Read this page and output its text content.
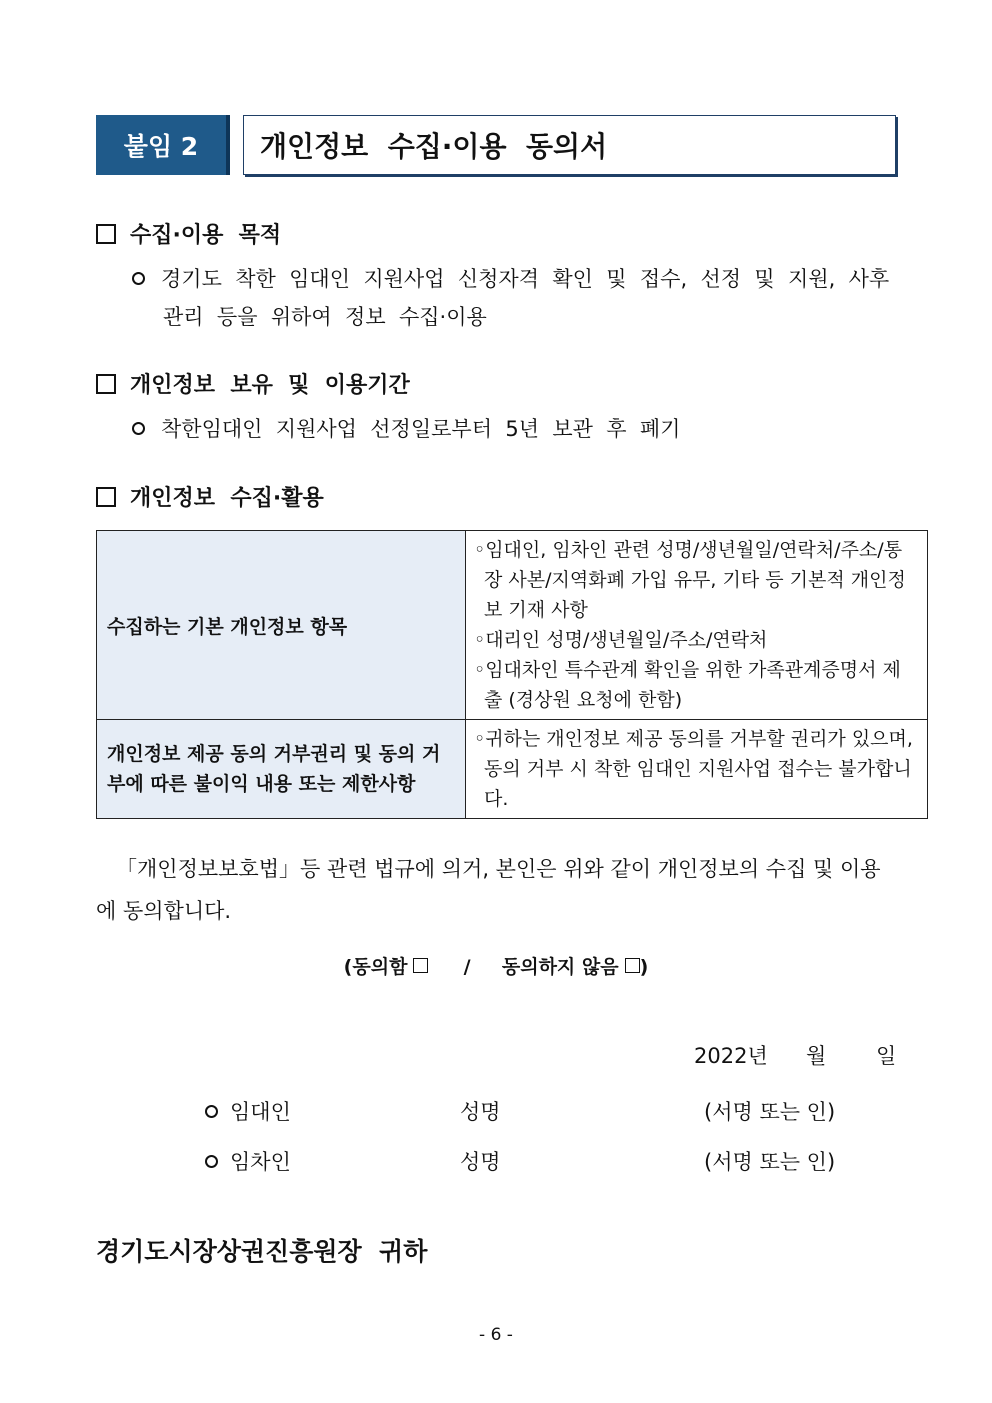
붙임 2	개인정보  수집·이용  동의서
수집·이용  목적
경기도  착한  임대인  지원사업  신청자격  확인  및  접수,  선정  및  지원,  사후
관리  등을  위하여  정보  수집·이용
개인정보  보유  및  이용기간
착한임대인  지원사업  선정일로부터  5년  보관  후  폐기
개인정보  수집·활용
수집하는 기본 개인정보 항목	◦임대인, 임차인 관련 성명/생년월일/연락처/주소/통장 사본/지역화폐 가입 유무, 기타 등 기본적 개인정보 기재 사항
◦대리인 성명/생년월일/주소/연락처
◦임대차인 특수관계 확인을 위한 가족관계증명서 제출 (경상원 요청에 한함)

개인정보 제공 동의 거부권리 및 동의 거부에 따른 불이익 내용 또는 제한사항	◦귀하는 개인정보 제공 동의를 거부할 권리가 있으며, 동의 거부 시 착한 임대인 지원사업 접수는 불가합니다.
「개인정보보호법」등 관련 법규에 의거, 본인은 위와 같이 개인정보의 수집 및 이용에 동의합니다.
(동의함	/ 동의하지 않음 )
2022년 월 일
임대인	성명	(서명 또는 인)
임차인	성명	(서명 또는 인)
경기도시장상권진흥원장  귀하
- 6 -
